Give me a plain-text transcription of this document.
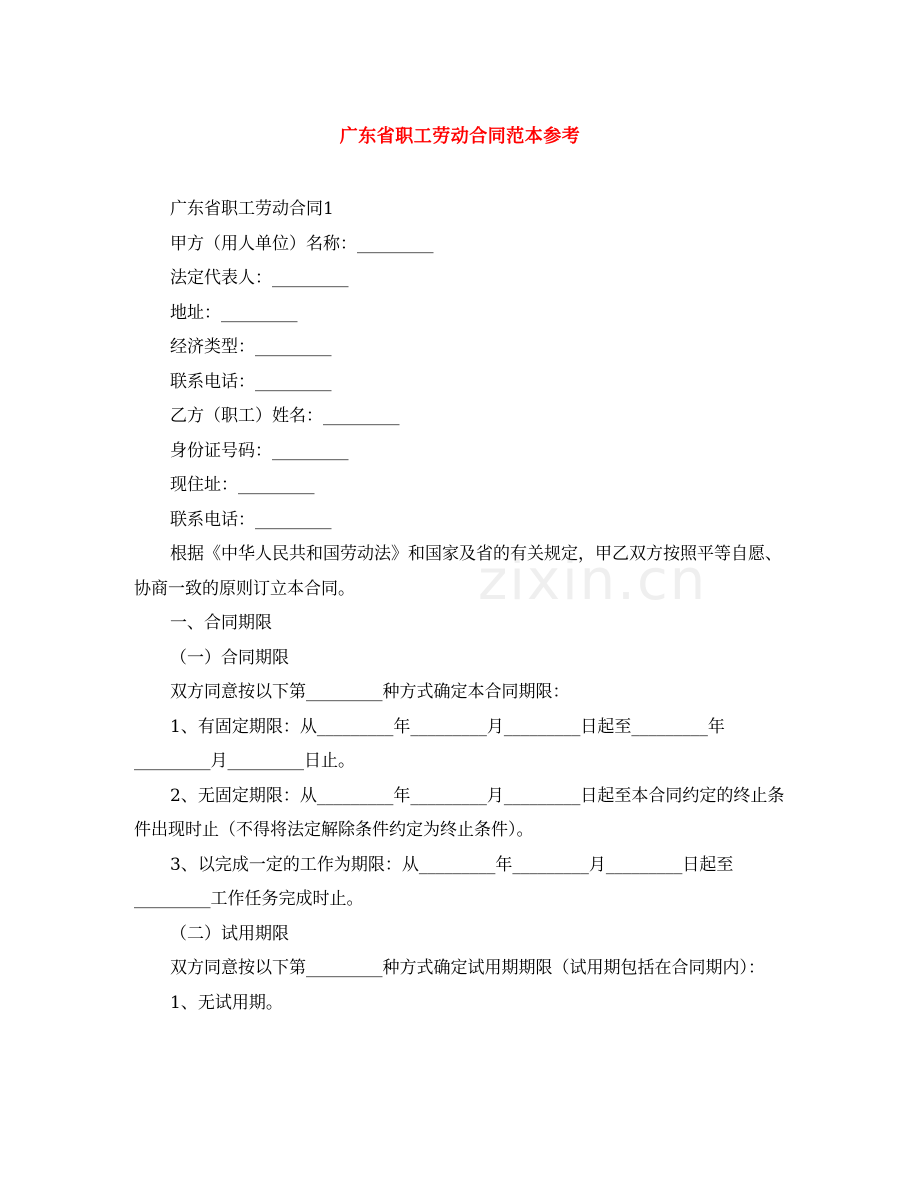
广东省职工劳动合同范本参考

广东省职工劳动合同1

甲方（用人单位）名称：_________

法定代表人：_________

地址：_________

经济类型：_________

联系电话：_________

乙方（职工）姓名：_________

身份证号码：_________

现住址：_________

联系电话：_________

根据《中华人民共和国劳动法》和国家及省的有关规定，甲乙双方按照平等自愿、协商一致的原则订立本合同。

一、合同期限

（一）合同期限

双方同意按以下第_________种方式确定本合同期限：

1、有固定期限：从_________年_________月_________日起至_________年_________月_________日止。

2、无固定期限：从_________年_________月_________日起至本合同约定的终止条件出现时止（不得将法定解除条件约定为终止条件）。

3、以完成一定的工作为期限：从_________年_________月_________日起至_________工作任务完成时止。

（二）试用期限

双方同意按以下第_________种方式确定试用期期限（试用期包括在合同期内）：

1、无试用期。

zixin.cn
